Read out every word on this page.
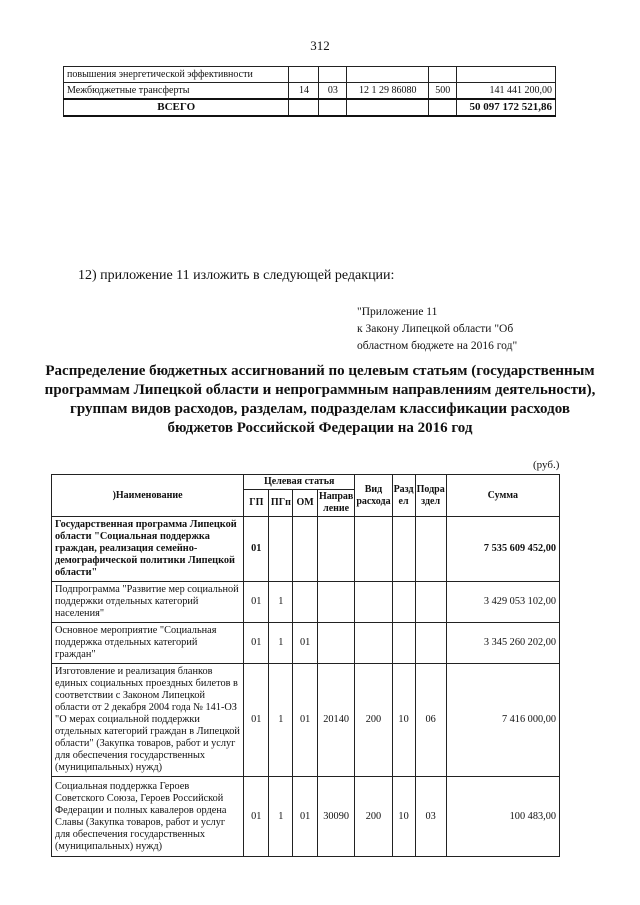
312
повышения энергетической эффективности					
Межбюджетные трансферты	14	03	12 1 29 86080	500	141 441 200,00
ВСЕГО					50 097 172 521,86
12) приложение 11 изложить в следующей редакции:
"Приложение 11
к Закону Липецкой области "Об
областном бюджете на 2016 год"
Распределение бюджетных ассигнований по целевым статьям (государственным программам Липецкой области и непрограммным направлениям деятельности), группам видов расходов, разделам, подразделам классификации расходов бюджетов Российской Федерации на 2016 год
(руб.)
)Наименование	Целевая статья				Вид расхода	Разд ел	Подра здел	Сумма
	ГП	ПГп	ОМ	Направ ление				
Государственная программа Липецкой области "Социальная поддержка граждан, реализация семейно-демографической политики Липецкой области"	01							7 535 609 452,00
Подпрограмма "Развитие мер социальной поддержки отдельных категорий населения"	01	1						3 429 053 102,00
Основное мероприятие "Социальная поддержка отдельных категорий граждан"	01	1	01					3 345 260 202,00
Изготовление и реализация бланков единых социальных проездных билетов в соответствии с Законом Липецкой области от 2 декабря 2004 года № 141-ОЗ "О мерах социальной поддержки отдельных категорий граждан в Липецкой области" (Закупка товаров, работ и услуг для обеспечения государственных (муниципальных) нужд)	01	1	01	20140	200	10	06	7 416 000,00
Социальная поддержка Героев Советского Союза, Героев Российской Федерации и полных кавалеров ордена Славы (Закупка товаров, работ и услуг для обеспечения государственных (муниципальных) нужд)	01	1	01	30090	200	10	03	100 483,00
